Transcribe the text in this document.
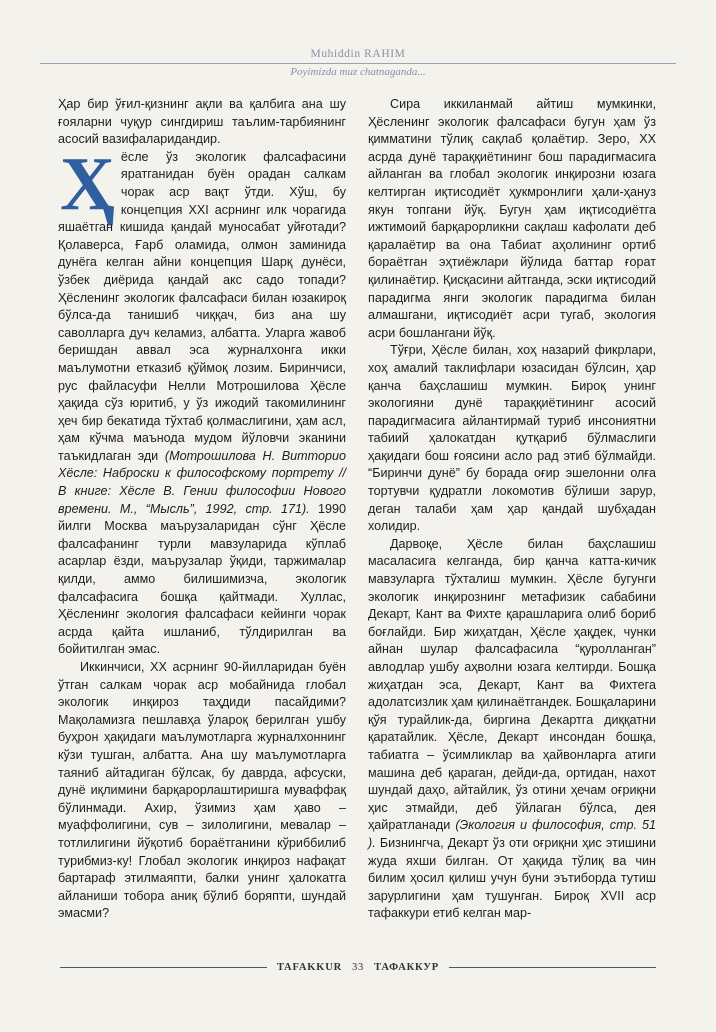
Muhiddin RAHIM
Poyimizda muz chatnaganda...

Ҳар бир ўғил-қизнинг ақли ва қалбига ана шу ғояларни чуқур сингдириш таълим-тарбиянинг асосий вазифаларидандир.

Ҳёсле ўз экологик фалсафасини яратганидан буён орадан салкам чорак аср вақт ўтди. Хўш, бу концепция XXI асрнинг илк чорагида яшаётган кишида қандай муносабат уйғотади? Қолаверса, Ғарб оламида, олмон заминида дунёга келган айни концепция Шарқ дунёси, ўзбек диёрида қандай акс садо топади? Ҳёсленинг экологик фалсафаси билан юзакироқ бўлса-да танишиб чиққач, биз ана шу саволларга дуч келамиз, албатта. Уларга жавоб беришдан аввал эса журналхонга икки маълумотни етказиб қўймоқ лозим. Биринчиси, рус файласуфи Нелли Мотрошилова Ҳёсле ҳақида сўз юритиб, у ўз ижодий такомилининг ҳеч бир бекатида тўхтаб қолмаслигини, ҳам асл, ҳам кўчма маънода мудом йўловчи эканини таъкидлаган эди (Мотрошилова Н. Витторио Хёсле: Наброски к философскому портрету // В книге: Хёсле В. Гении философии Нового времени. М., “Мысль”, 1992, стр. 171). 1990 йилги Москва маърузаларидан сўнг Ҳёсле фалсафанинг турли мавзуларида кўплаб асарлар ёзди, маърузалар ўқиди, таржималар қилди, аммо билишимизча, экологик фалсафасига бошқа қайтмади. Хуллас, Ҳёсленинг экология фалсафаси кейинги чорак асрда қайта ишланиб, тўлдирилган ва бойитилган эмас.

Иккинчиси, XX асрнинг 90-йилларидан буён ўтган салкам чорак аср мобайнида глобал экологик инқироз таҳдиди пасайдими? Мақоламизга пешлавҳа ўлароқ берилган ушбу буҳрон ҳақидаги маълумотларга журналхоннинг кўзи тушган, албатта. Ана шу маълумотларга таяниб айтадиган бўлсак, бу даврда, афсуски, дунё иқлимини барқарорлаштиришга муваффақ бўлинмади. Ахир, ўзимиз ҳам ҳаво – муаффолигини, сув – зилолигини, мевалар – тотлилигини йўқотиб бораётганини кўриббилиб турибмиз-ку! Глобал экологик инқироз нафақат бартараф этилмаяпти, балки унинг ҳалокатга айланиши тобора аниқ бўлиб боряпти, шундай эмасми?

Сира иккиланмай айтиш мумкинки, Ҳёсленинг экологик фалсафаси бугун ҳам ўз қимматини тўлиқ сақлаб қолаётир. Зеро, XX асрда дунё тараққиётининг бош парадигмасига айланган ва глобал экологик инқирозни юзага келтирган иқтисодиёт ҳукмронлиги ҳали-ҳануз якун топгани йўқ. Бугун ҳам иқтисодиётга ижтимоий барқарорликни сақлаш кафолати деб қаралаётир ва она Табиат аҳолининг ортиб бораётган эҳтиёжлари йўлида баттар ғорат қилинаётир. Қисқасини айтганда, эски иқтисодий парадигма янги экологик парадигма билан алмашгани, иқтисодиёт асри тугаб, экология асри бошлангани йўқ.

Тўғри, Ҳёсле билан, хоҳ назарий фикрлари, хоҳ амалий таклифлари юзасидан бўлсин, ҳар қанча баҳслашиш мумкин. Бироқ унинг экологияни дунё тараққиётининг асосий парадигмасига айлантирмай туриб инсониятни табиий ҳалокатдан қутқариб бўлмаслиги ҳақидаги бош ғоясини асло рад этиб бўлмайди. “Биринчи дунё” бу борада оғир эшелонни олға тортувчи қудратли локомотив бўлиши зарур, деган талаби ҳам ҳар қандай шубҳадан холидир.

Дарвоқе, Ҳёсле билан баҳслашиш масаласига келганда, бир қанча катта-кичик мавзуларга тўхталиш мумкин. Ҳёсле бугунги экологик инқирознинг метафизик сабабини Декарт, Кант ва Фихте қарашларига олиб бориб боғлайди. Бир жиҳатдан, Ҳёсле ҳақдек, чунки айнан шулар фалсафасила “қуролланган” авлодлар ушбу аҳволни юзага келтирди. Бошқа жиҳатдан эса, Декарт, Кант ва Фихтега адолатсизлик ҳам қилинаётгандек. Бошқаларини қўя турайлик-да, биргина Декартга диққатни қаратайлик. Ҳёсле, Декарт инсондан бошқа, табиатга – ўсимликлар ва ҳайвонларга атиги машина деб қараган, дейди-да, ортидан, нахот шундай даҳо, айтайлик, ўз отини ҳечам оғриқни ҳис этмайди, деб ўйлаган бўлса, дея ҳайратланади (Экология и философия, стр. 51 ). Бизнингча, Декарт ўз оти оғриқни ҳис этишини жуда яхши билган. От ҳақида тўлиқ ва чин билим ҳосил қилиш учун буни эътиборда тутиш зарурлигини ҳам тушунган. Бироқ XVII аср тафаккури етиб келган мар-

TAFAKKUR 33 ТАФАККУР
